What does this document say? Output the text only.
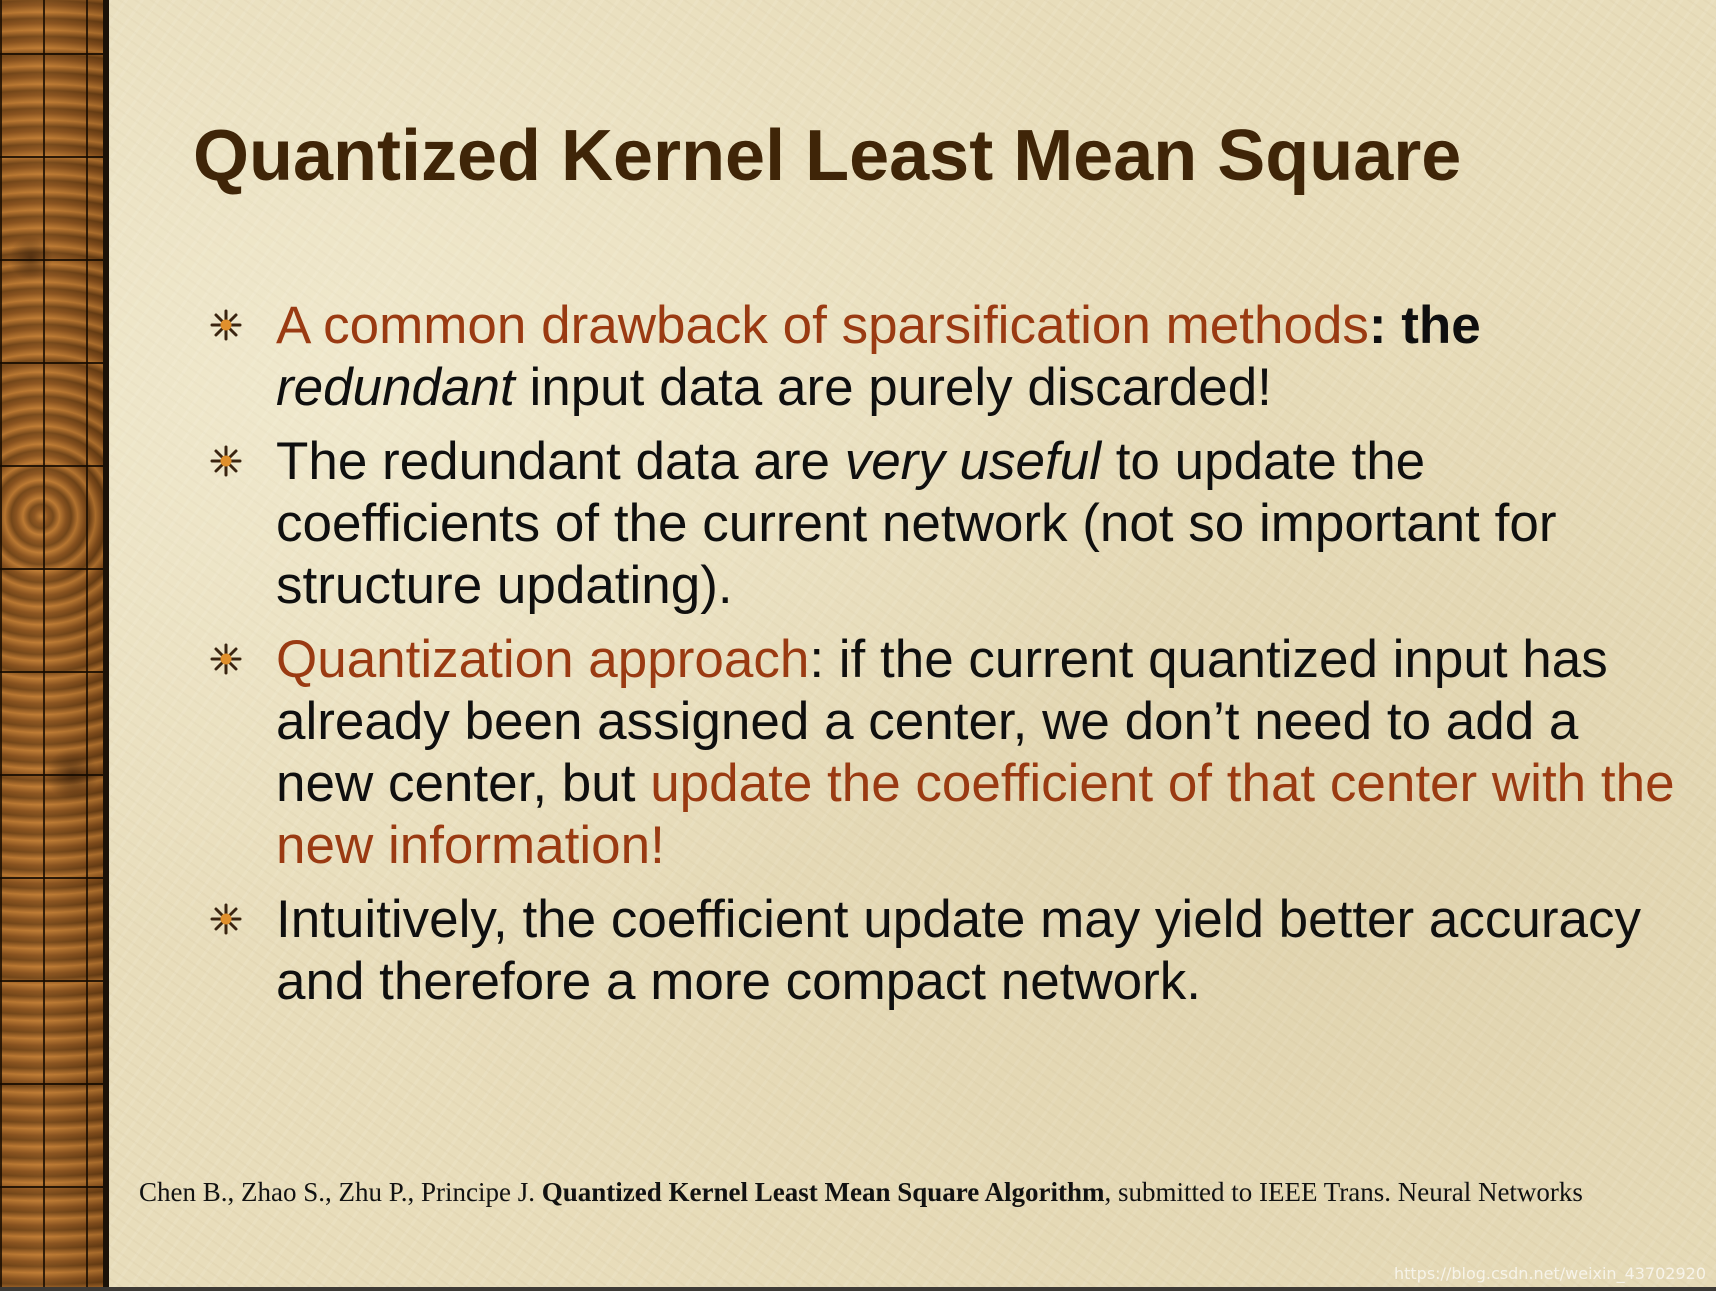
Quantized Kernel Least Mean Square
A common drawback of sparsification methods: the redundant input data are purely discarded!
The redundant data are very useful to update the coefficients of the current network (not so important for structure updating).
Quantization approach: if the current quantized input has already been assigned a center, we don’t need to add a new center, but update the coefficient of that center with the new information!
Intuitively, the coefficient update may yield better accuracy and therefore a more compact network.

Chen B., Zhao S., Zhu P., Principe J. Quantized Kernel Least Mean Square Algorithm, submitted to IEEE Trans. Neural Networks

https://blog.csdn.net/weixin_43702920
